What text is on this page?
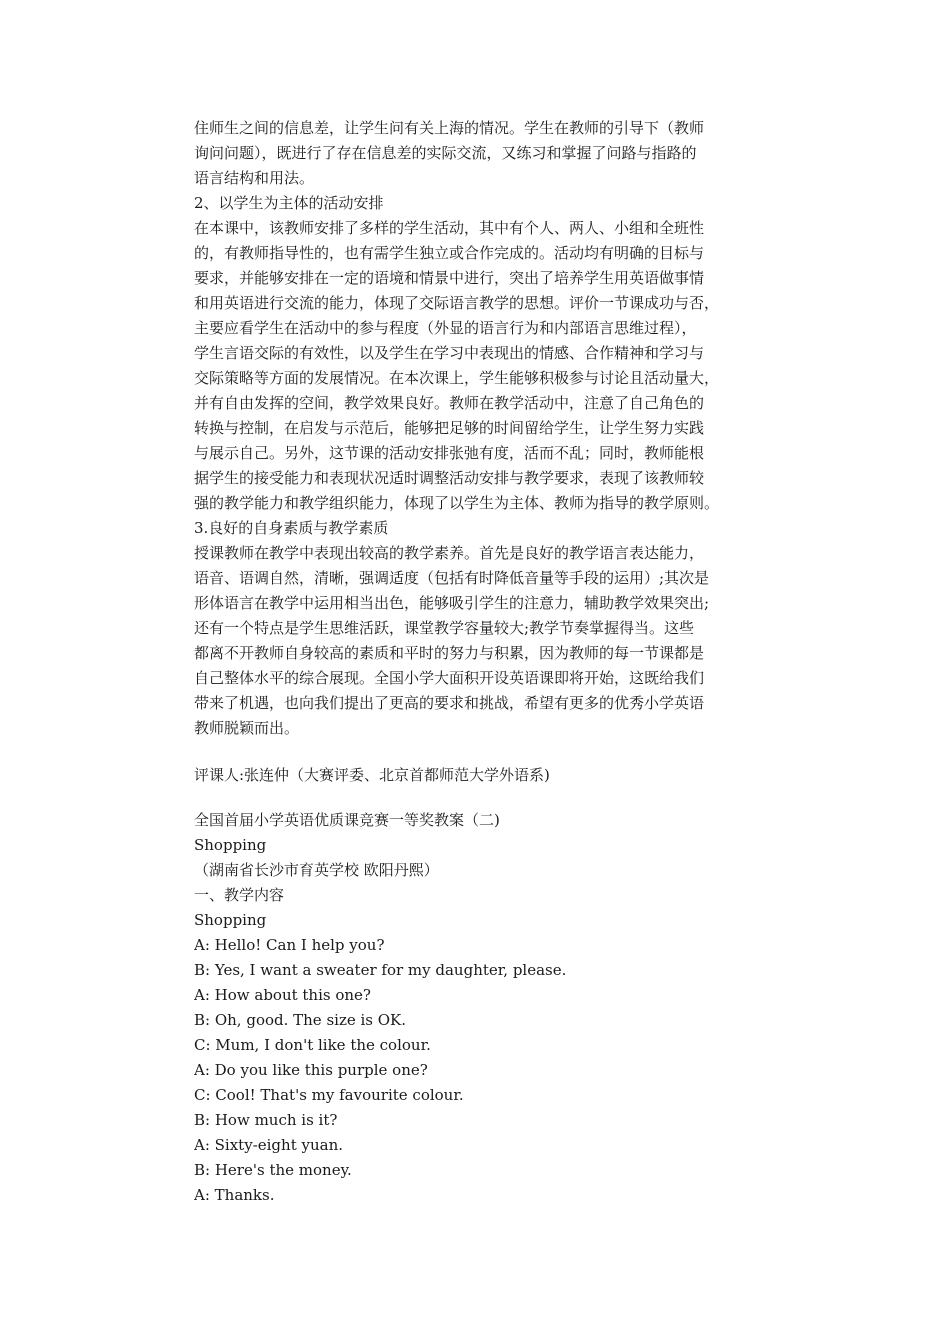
住师生之间的信息差，让学生问有关上海的情况。学生在教师的引导下（教师
询问问题），既进行了存在信息差的实际交流，又练习和掌握了问路与指路的
语言结构和用法。
2、以学生为主体的活动安排
在本课中，该教师安排了多样的学生活动，其中有个人、两人、小组和全班性
的，有教师指导性的，也有需学生独立或合作完成的。活动均有明确的目标与
要求，并能够安排在一定的语境和情景中进行，突出了培养学生用英语做事情
和用英语进行交流的能力，体现了交际语言教学的思想。评价一节课成功与否，
主要应看学生在活动中的参与程度（外显的语言行为和内部语言思维过程），
学生言语交际的有效性，以及学生在学习中表现出的情感、合作精神和学习与
交际策略等方面的发展情况。在本次课上，学生能够积极参与讨论且活动量大，
并有自由发挥的空间，教学效果良好。教师在教学活动中，注意了自己角色的
转换与控制，在启发与示范后，能够把足够的时间留给学生，让学生努力实践
与展示自己。另外，这节课的活动安排张弛有度，活而不乱；同时，教师能根
据学生的接受能力和表现状况适时调整活动安排与教学要求，表现了该教师较
强的教学能力和教学组织能力，体现了以学生为主体、教师为指导的教学原则。
3.良好的自身素质与教学素质
授课教师在教学中表现出较高的教学素养。首先是良好的教学语言表达能力，
语音、语调自然，清晰，强调适度（包括有时降低音量等手段的运用）;其次是
形体语言在教学中运用相当出色，能够吸引学生的注意力，辅助教学效果突出;
还有一个特点是学生思维活跃，课堂教学容量较大;教学节奏掌握得当。这些
都离不开教师自身较高的素质和平时的努力与积累，因为教师的每一节课都是
自己整体水平的综合展现。全国小学大面积开设英语课即将开始，这既给我们
带来了机遇，也向我们提出了更高的要求和挑战，希望有更多的优秀小学英语
教师脱颖而出。
评课人:张连仲（大赛评委、北京首都师范大学外语系)
全国首届小学英语优质课竞赛一等奖教案（二)
Shopping
（湖南省长沙市育英学校 欧阳丹熙）
一、教学内容
Shopping
A: Hello! Can I help you?
B: Yes, I want a sweater for my daughter, please.
A: How about this one?
B: Oh, good. The size is OK.
C: Mum, I don't like the colour.
A: Do you like this purple one?
C: Cool! That's my favourite colour.
B: How much is it?
A: Sixty-eight yuan.
B: Here's the money.
A: Thanks.
